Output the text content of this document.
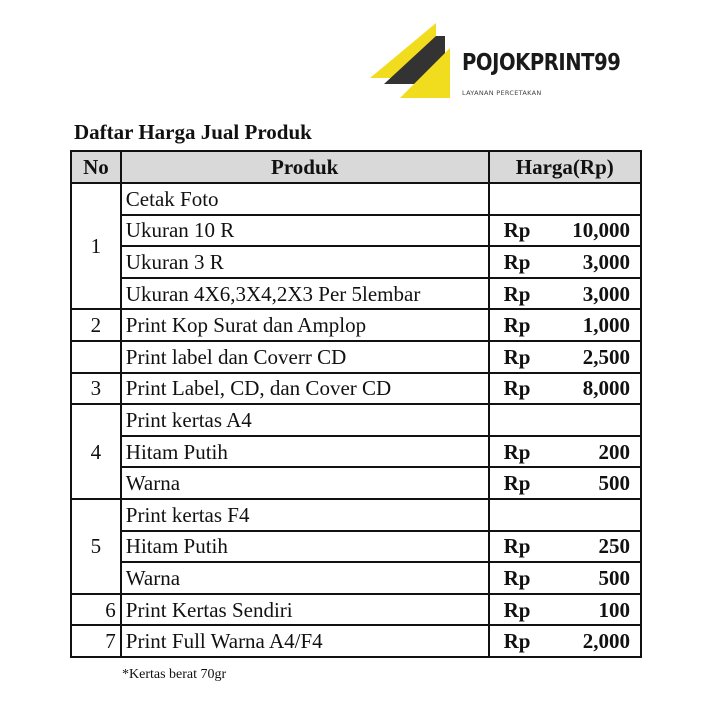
POJOKPRINT99
LAYANAN PERCETAKAN
Daftar Harga Jual Produk
No	Produk	Harga(Rp)
1	Cetak Foto	
	Ukuran 10 R	Rp 10,000

	Ukuran 3 R	Rp 3,000

	Ukuran 4X6,3X4,2X3 Per 5lembar	Rp 3,000

2	Print Kop Surat dan Amplop	Rp 1,000

	Print label dan Coverr CD	Rp 2,500

3	Print Label, CD, dan Cover CD	Rp 8,000

4	Print kertas A4	
	Hitam Putih	Rp 200

	Warna	Rp 500

5	Print kertas F4	
	Hitam Putih	Rp 250

	Warna	Rp 500

6	Print Kertas Sendiri	Rp 100

7	Print Full Warna A4/F4	Rp 2,000
*Kertas berat 70gr
